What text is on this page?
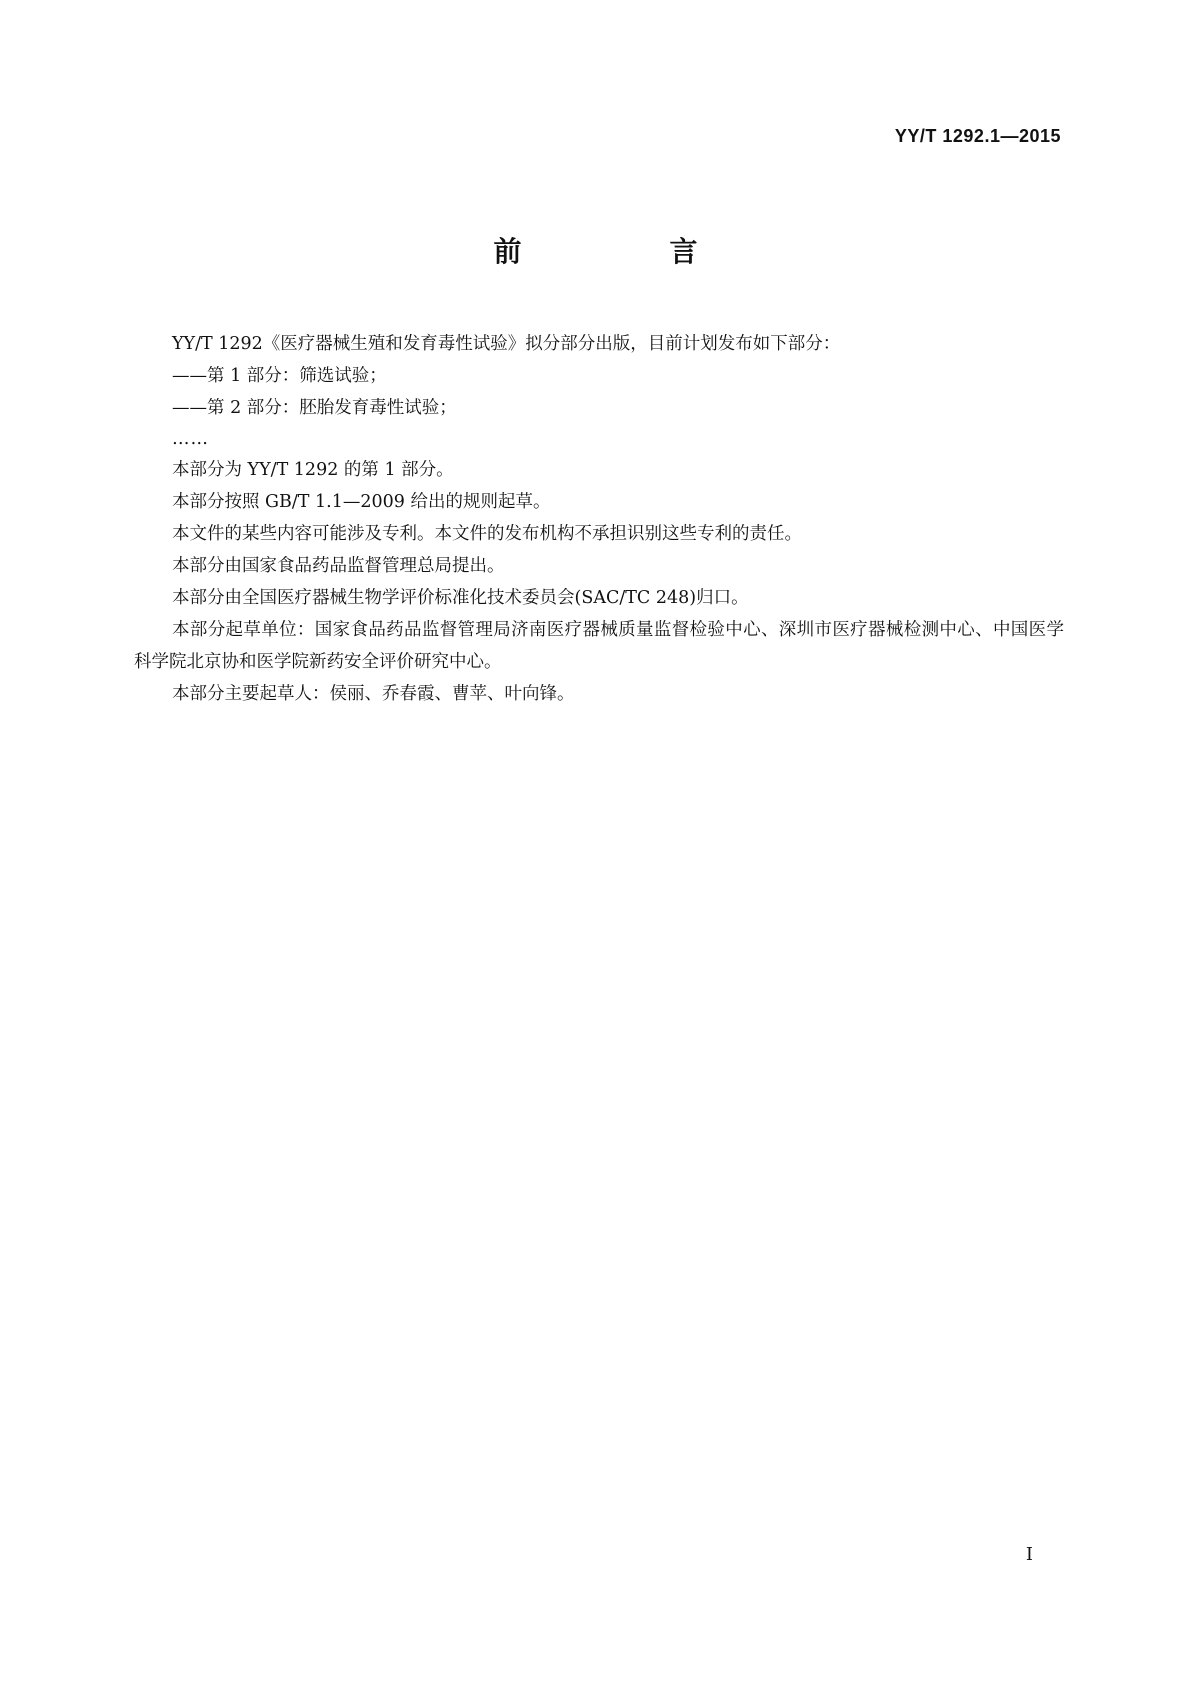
YY/T 1292.1—2015
前　言

YY/T 1292《医疗器械生殖和发育毒性试验》拟分部分出版，目前计划发布如下部分：

——第 1 部分：筛选试验；

——第 2 部分：胚胎发育毒性试验；

……

本部分为 YY/T 1292 的第 1 部分。

本部分按照 GB/T 1.1—2009 给出的规则起草。

本文件的某些内容可能涉及专利。本文件的发布机构不承担识别这些专利的责任。

本部分由国家食品药品监督管理总局提出。

本部分由全国医疗器械生物学评价标准化技术委员会(SAC/TC 248)归口。

本部分起草单位：国家食品药品监督管理局济南医疗器械质量监督检验中心、深圳市医疗器械检测中心、中国医学科学院北京协和医学院新药安全评价研究中心。

本部分主要起草人：侯丽、乔春霞、曹苹、叶向锋。

I
